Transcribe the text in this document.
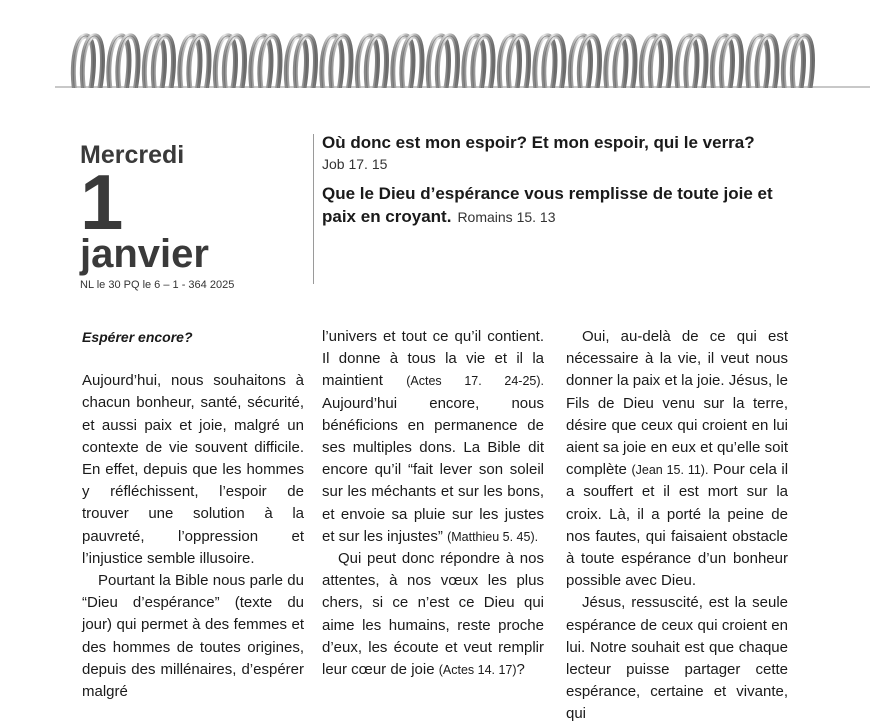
Mercredi
1
janvier
NL le 30 PQ le 6 – 1 - 364 2025
Où donc est mon espoir? Et mon espoir, qui le verra?
Job 17. 15
Que le Dieu d’espérance vous remplisse de toute joie et paix en croyant. Romains 15. 13

Espérer encore?

Aujourd’hui, nous souhaitons à chacun bonheur, santé, sécurité, et aussi paix et joie, malgré un contexte de vie souvent difficile. En effet, depuis que les hommes y réfléchissent, l’espoir de trouver une solution à la pauvreté, l’oppression et l’injustice semble illusoire.

Pourtant la Bible nous parle du “Dieu d’espérance” (texte du jour) qui permet à des femmes et des hommes de toutes origines, depuis des millénaires, d’espérer malgré

l’univers et tout ce qu’il contient. Il donne à tous la vie et il la maintient (Actes 17. 24-25). Aujourd’hui encore, nous bénéficions en permanence de ses multiples dons. La Bible dit encore qu’il “fait lever son soleil sur les méchants et sur les bons, et envoie sa pluie sur les justes et sur les injustes” (Matthieu 5. 45).

Qui peut donc répondre à nos attentes, à nos vœux les plus chers, si ce n’est ce Dieu qui aime les humains, reste proche d’eux, les écoute et veut remplir leur cœur de joie (Actes 14. 17)?

Oui, au-delà de ce qui est nécessaire à la vie, il veut nous donner la paix et la joie. Jésus, le Fils de Dieu venu sur la terre, désire que ceux qui croient en lui aient sa joie en eux et qu’elle soit complète (Jean 15. 11). Pour cela il a souffert et il est mort sur la croix. Là, il a porté la peine de nos fautes, qui faisaient obstacle à toute espérance d’un bonheur possible avec Dieu.

Jésus, ressuscité, est la seule espérance de ceux qui croient en lui. Notre souhait est que chaque lecteur puisse partager cette espérance, certaine et vivante, qui
